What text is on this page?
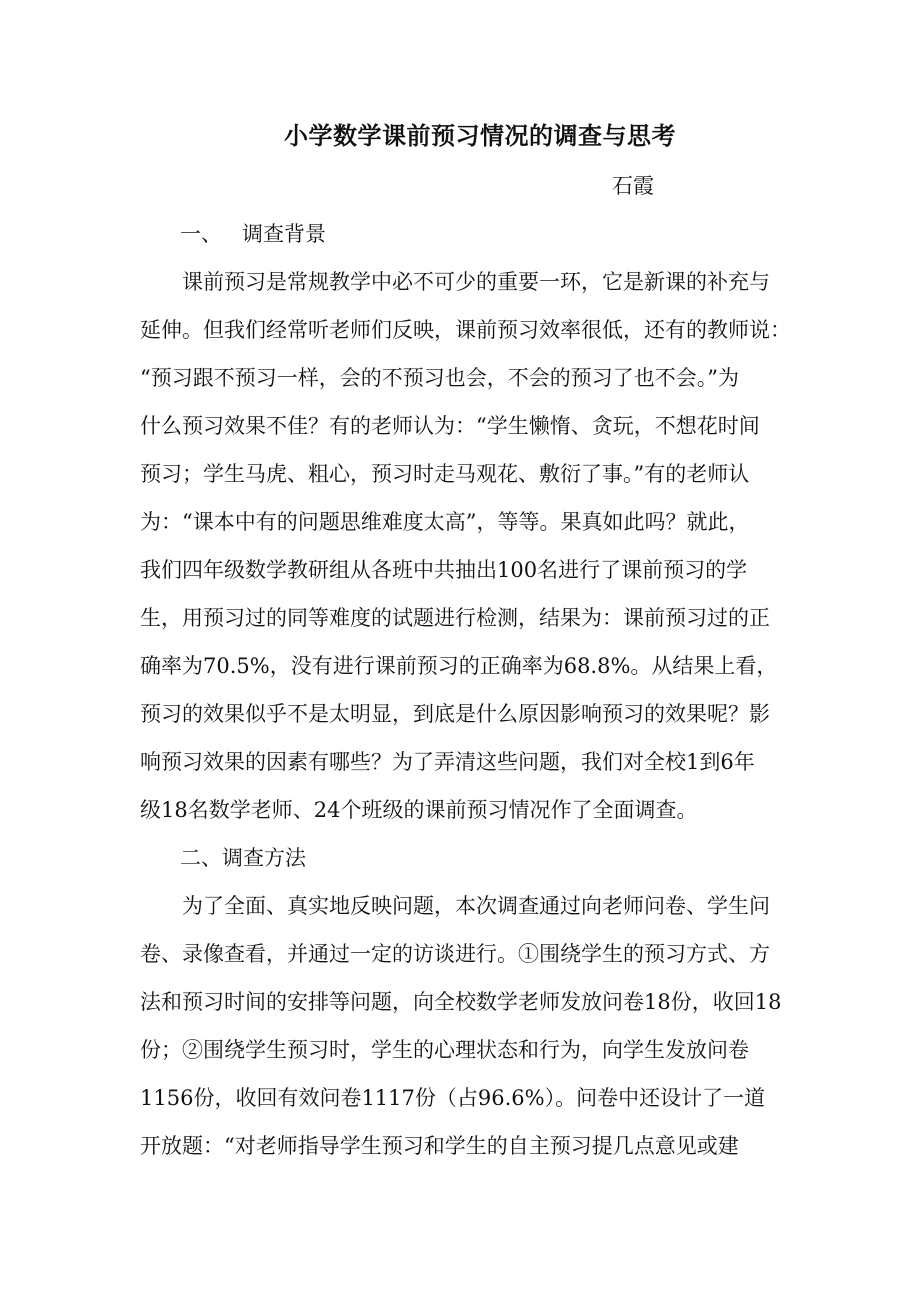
小学数学课前预习情况的调查与思考
石霞
一、 调查背景
课前预习是常规教学中必不可少的重要一环，它是新课的补充与
延伸。但我们经常听老师们反映，课前预习效率很低，还有的教师说：
“预习跟不预习一样，会的不预习也会，不会的预习了也不会。”为
什么预习效果不佳？有的老师认为：“学生懒惰、贪玩，不想花时间
预习；学生马虎、粗心，预习时走马观花、敷衍了事。”有的老师认
为：“课本中有的问题思维难度太高”，等等。果真如此吗？就此，
我们四年级数学教研组从各班中共抽出100名进行了课前预习的学
生，用预习过的同等难度的试题进行检测，结果为：课前预习过的正
确率为70.5%，没有进行课前预习的正确率为68.8%。从结果上看，
预习的效果似乎不是太明显，到底是什么原因影响预习的效果呢？影
响预习效果的因素有哪些？为了弄清这些问题，我们对全校1到6年
级18名数学老师、24个班级的课前预习情况作了全面调查。
二、调查方法
为了全面、真实地反映问题，本次调查通过向老师问卷、学生问
卷、录像查看，并通过一定的访谈进行。①围绕学生的预习方式、方
法和预习时间的安排等问题，向全校数学老师发放问卷18份，收回18
份；②围绕学生预习时，学生的心理状态和行为，向学生发放问卷
1156份，收回有效问卷1117份（占96.6%）。问卷中还设计了一道
开放题：“对老师指导学生预习和学生的自主预习提几点意见或建
